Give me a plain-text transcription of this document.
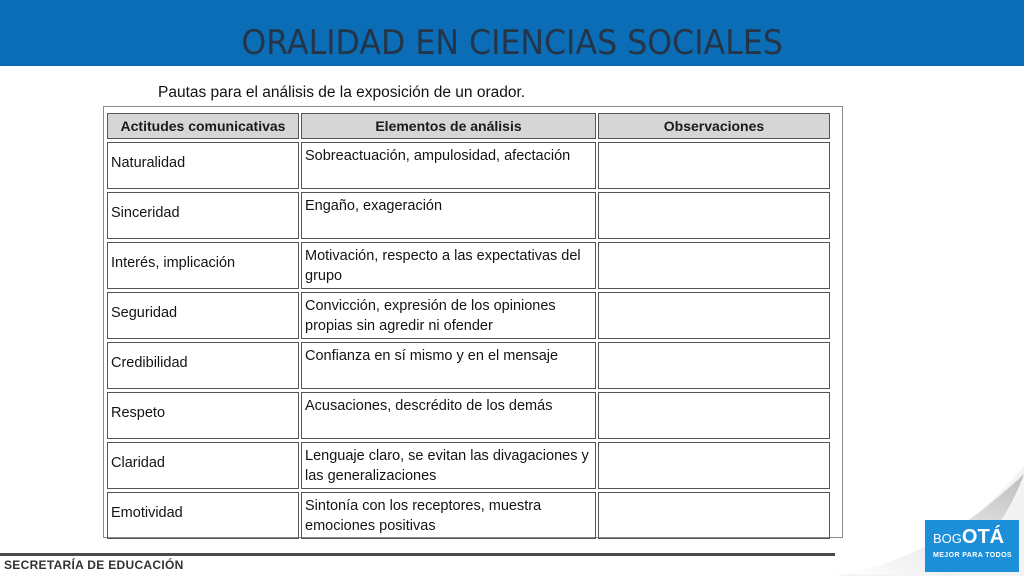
ORALIDAD EN CIENCIAS SOCIALES
Pautas para el análisis de la exposición de un orador.
Actitudes comunicativas	Elementos de análisis	Observaciones
Naturalidad	Sobreactuación, ampulosidad, afectación	
Sinceridad	Engaño, exageración	
Interés, implicación	Motivación, respecto a las expectativas del grupo	
Seguridad	Convicción, expresión de los opiniones propias sin agredir ni ofender	
Credibilidad	Confianza en sí mismo y en el mensaje	
Respeto	Acusaciones, descrédito de los demás	
Claridad	Lenguaje claro, se evitan las divagaciones y las generalizaciones	
Emotividad	Sintonía con los receptores, muestra emociones positivas	
SECRETARÍA DE EDUCACIÓN
BOGOTÁ
MEJOR PARA TODOS
